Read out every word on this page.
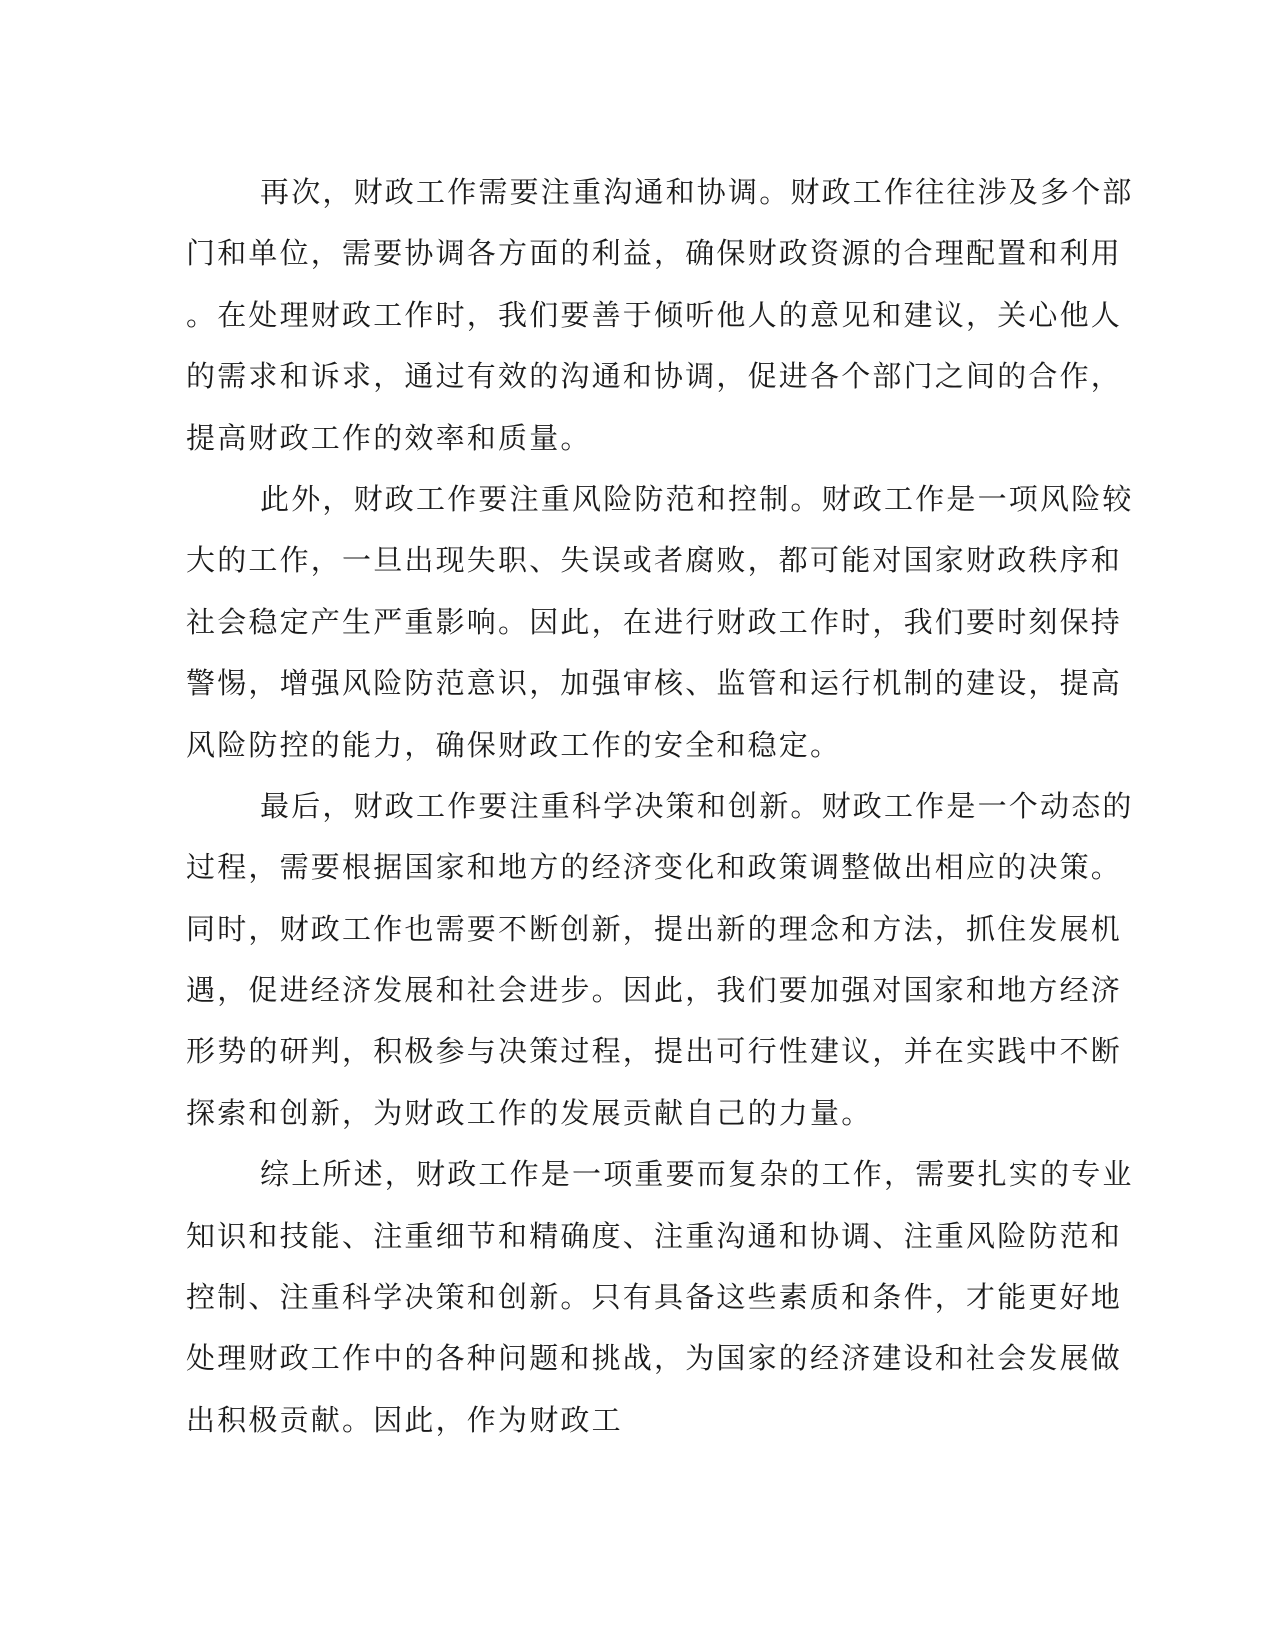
再次，财政工作需要注重沟通和协调。财政工作往往涉及多个部

门和单位，需要协调各方面的利益，确保财政资源的合理配置和利用

。在处理财政工作时，我们要善于倾听他人的意见和建议，关心他人

的需求和诉求，通过有效的沟通和协调，促进各个部门之间的合作，

提高财政工作的效率和质量。

此外，财政工作要注重风险防范和控制。财政工作是一项风险较

大的工作，一旦出现失职、失误或者腐败，都可能对国家财政秩序和

社会稳定产生严重影响。因此，在进行财政工作时，我们要时刻保持

警惕，增强风险防范意识，加强审核、监管和运行机制的建设，提高

风险防控的能力，确保财政工作的安全和稳定。

最后，财政工作要注重科学决策和创新。财政工作是一个动态的

过程，需要根据国家和地方的经济变化和政策调整做出相应的决策。

同时，财政工作也需要不断创新，提出新的理念和方法，抓住发展机

遇，促进经济发展和社会进步。因此，我们要加强对国家和地方经济

形势的研判，积极参与决策过程，提出可行性建议，并在实践中不断

探索和创新，为财政工作的发展贡献自己的力量。

综上所述，财政工作是一项重要而复杂的工作，需要扎实的专业

知识和技能、注重细节和精确度、注重沟通和协调、注重风险防范和

控制、注重科学决策和创新。只有具备这些素质和条件，才能更好地

处理财政工作中的各种问题和挑战，为国家的经济建设和社会发展做

出积极贡献。因此，作为财政工
